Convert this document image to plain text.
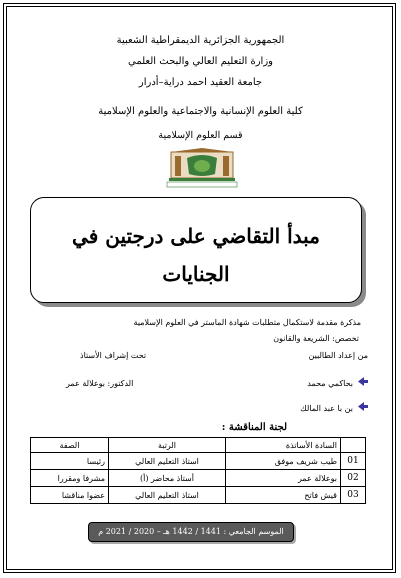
الجمهورية الجزائرية الديمقراطية الشعبية
وزارة التعليم العالي والبحث العلمي
جامعة العقيد احمد دراية–أدرار
كلية العلوم الإنسانية والاجتماعية والعلوم الإسلامية
قسم العلوم الإسلامية
مبدأ التقاضي على درجتين في
الجنايات
مذكرة مقدمة لاستكمال متطلبات شهادة الماستر في العلوم الإسلامية
تخصص: الشريعة والقانون
من إعداد الطالبين
تحت إشراف الأستاذ
بحاكمي محمد
الدكتور: بوعلالة عمر
بن با عبد المالك
لجنة المناقشة :
	السادة الأساتذة	الرتبة	الصفة
01	طيب شريف موفق	استاذ التعليم العالي	رئيسا
02	بوعلالة عمر	أستاذ محاضر (أ)	مشرفا ومقررا
03	قيش فاتح	استاذ التعليم العالي	عضوا مناقشا
الموسم الجامعي : 1441 / 1442 هـ – 2020 / 2021 م
